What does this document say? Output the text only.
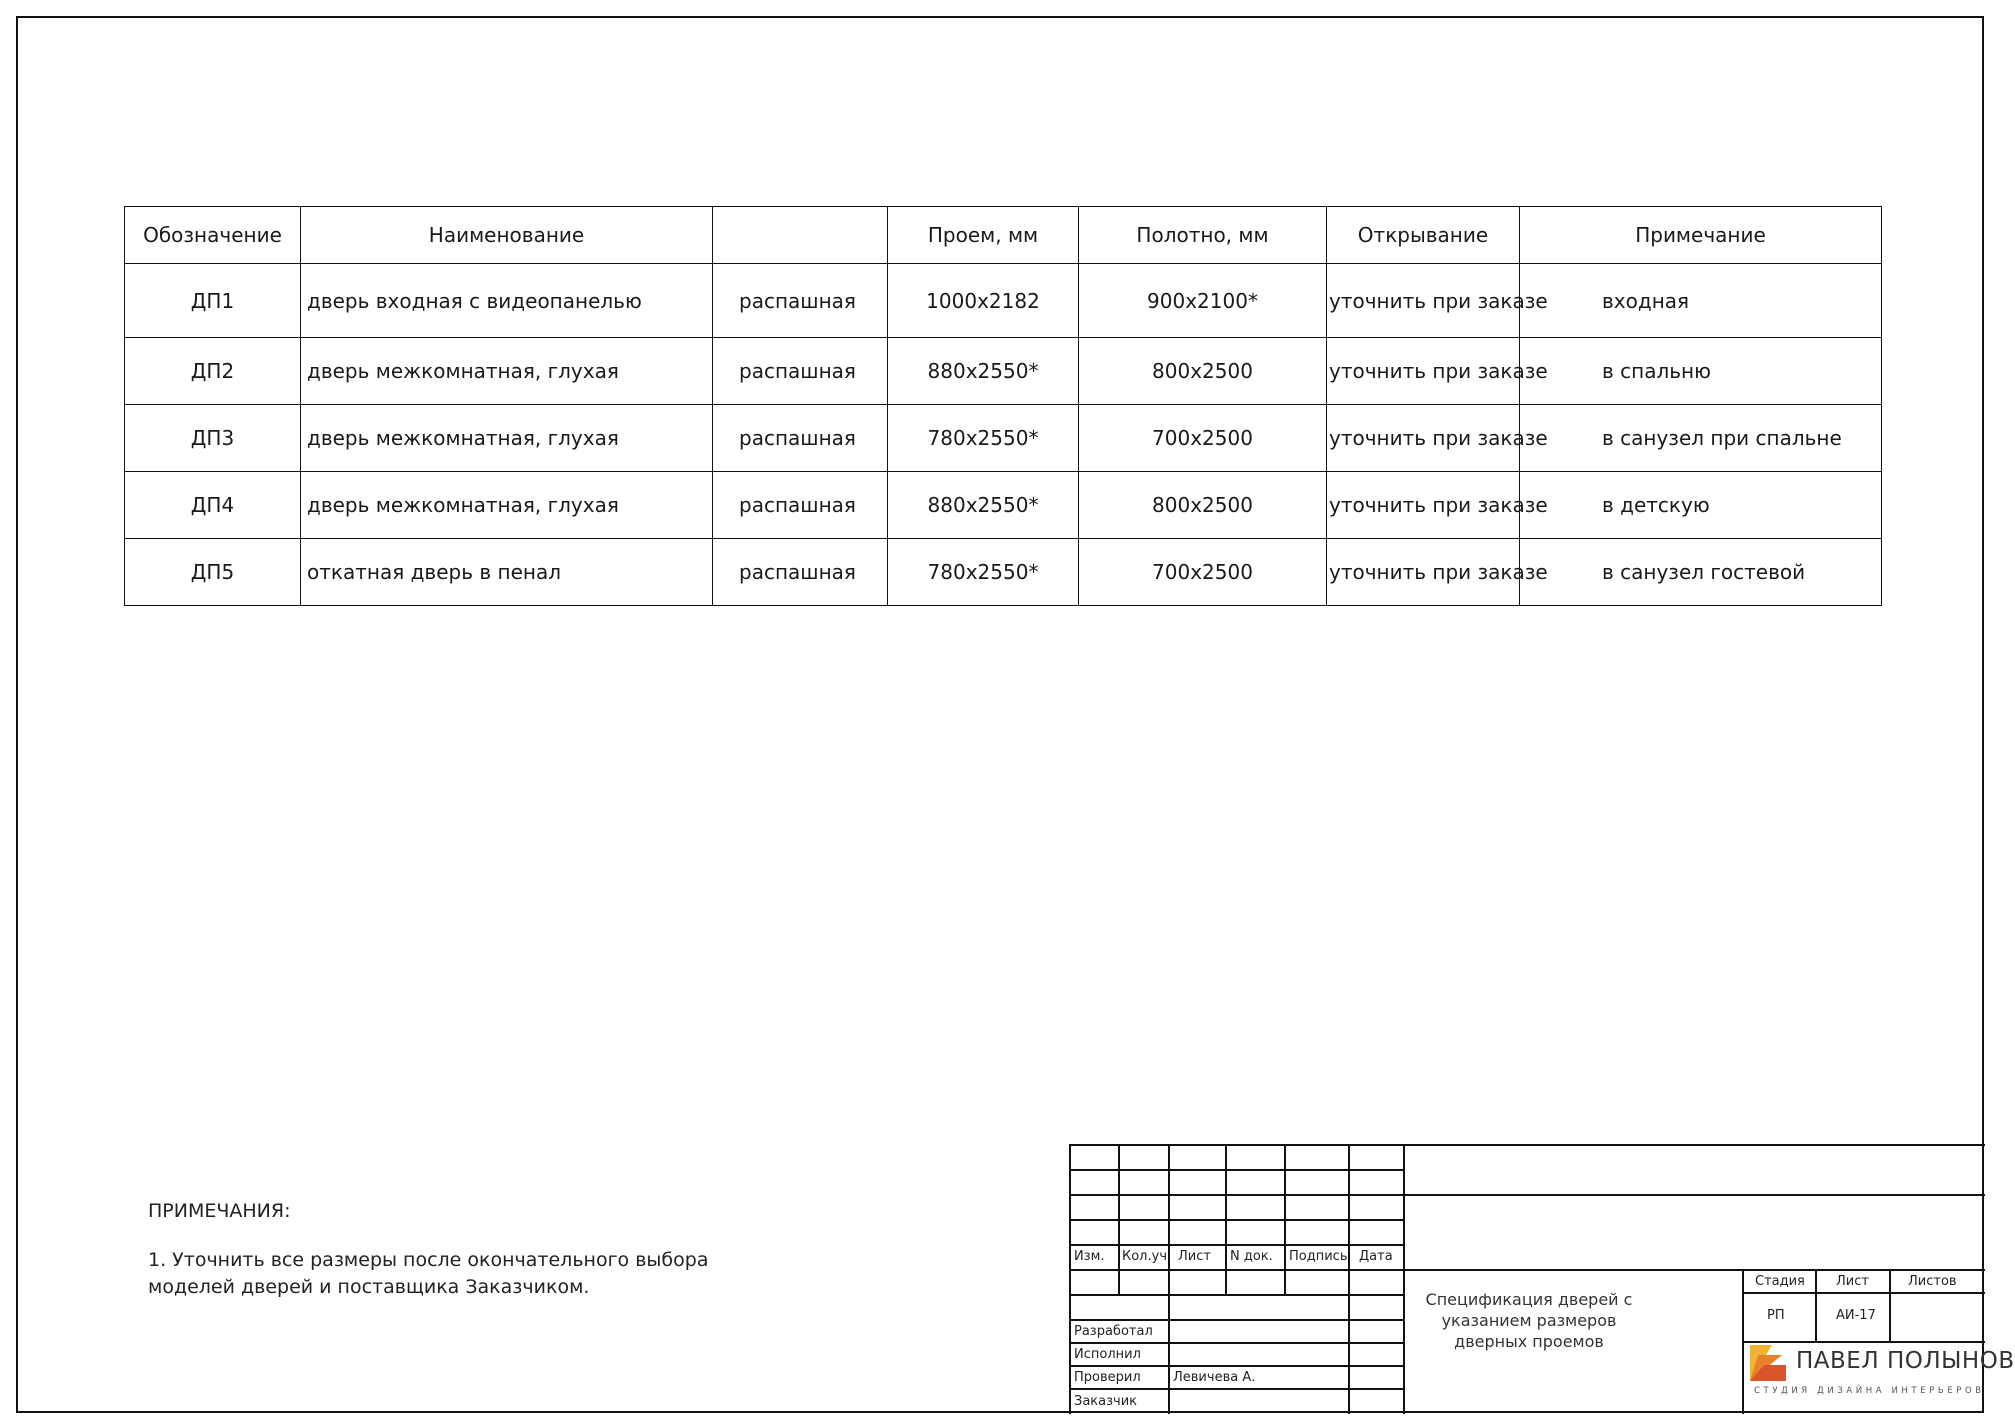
Обозначение	Наименование		Проем, мм	Полотно, мм	Открывание	Примечание
ДП1	дверь входная с видеопанелью	распашная	1000x2182	900x2100*	уточнить при заказе	входная
ДП2	дверь межкомнатная, глухая	распашная	880x2550*	800x2500	уточнить при заказе	в спальню
ДП3	дверь межкомнатная, глухая	распашная	780x2550*	700x2500	уточнить при заказе	в санузел при спальне
ДП4	дверь межкомнатная, глухая	распашная	880x2550*	800x2500	уточнить при заказе	в детскую
ДП5	откатная дверь в пенал	распашная	780x2550*	700x2500	уточнить при заказе	в санузел гостевой
ПРИМЕЧАНИЯ:
1. Уточнить все размеры после окончательного выбора
моделей дверей и поставщика Заказчиком.
Изм. Кол.уч. Лист N док. Подпись Дата
Разработал
Исполнил
Проверил Левичева А.
Заказчик
Спецификация дверей с
указанием размеров
дверных проемов
Стадия Лист	Листов
РП	АИ-17
ПАВЕЛ ПОЛЫНОВ
СТУДИЯ ДИЗАЙНА ИНТЕРЬЕРОВ
